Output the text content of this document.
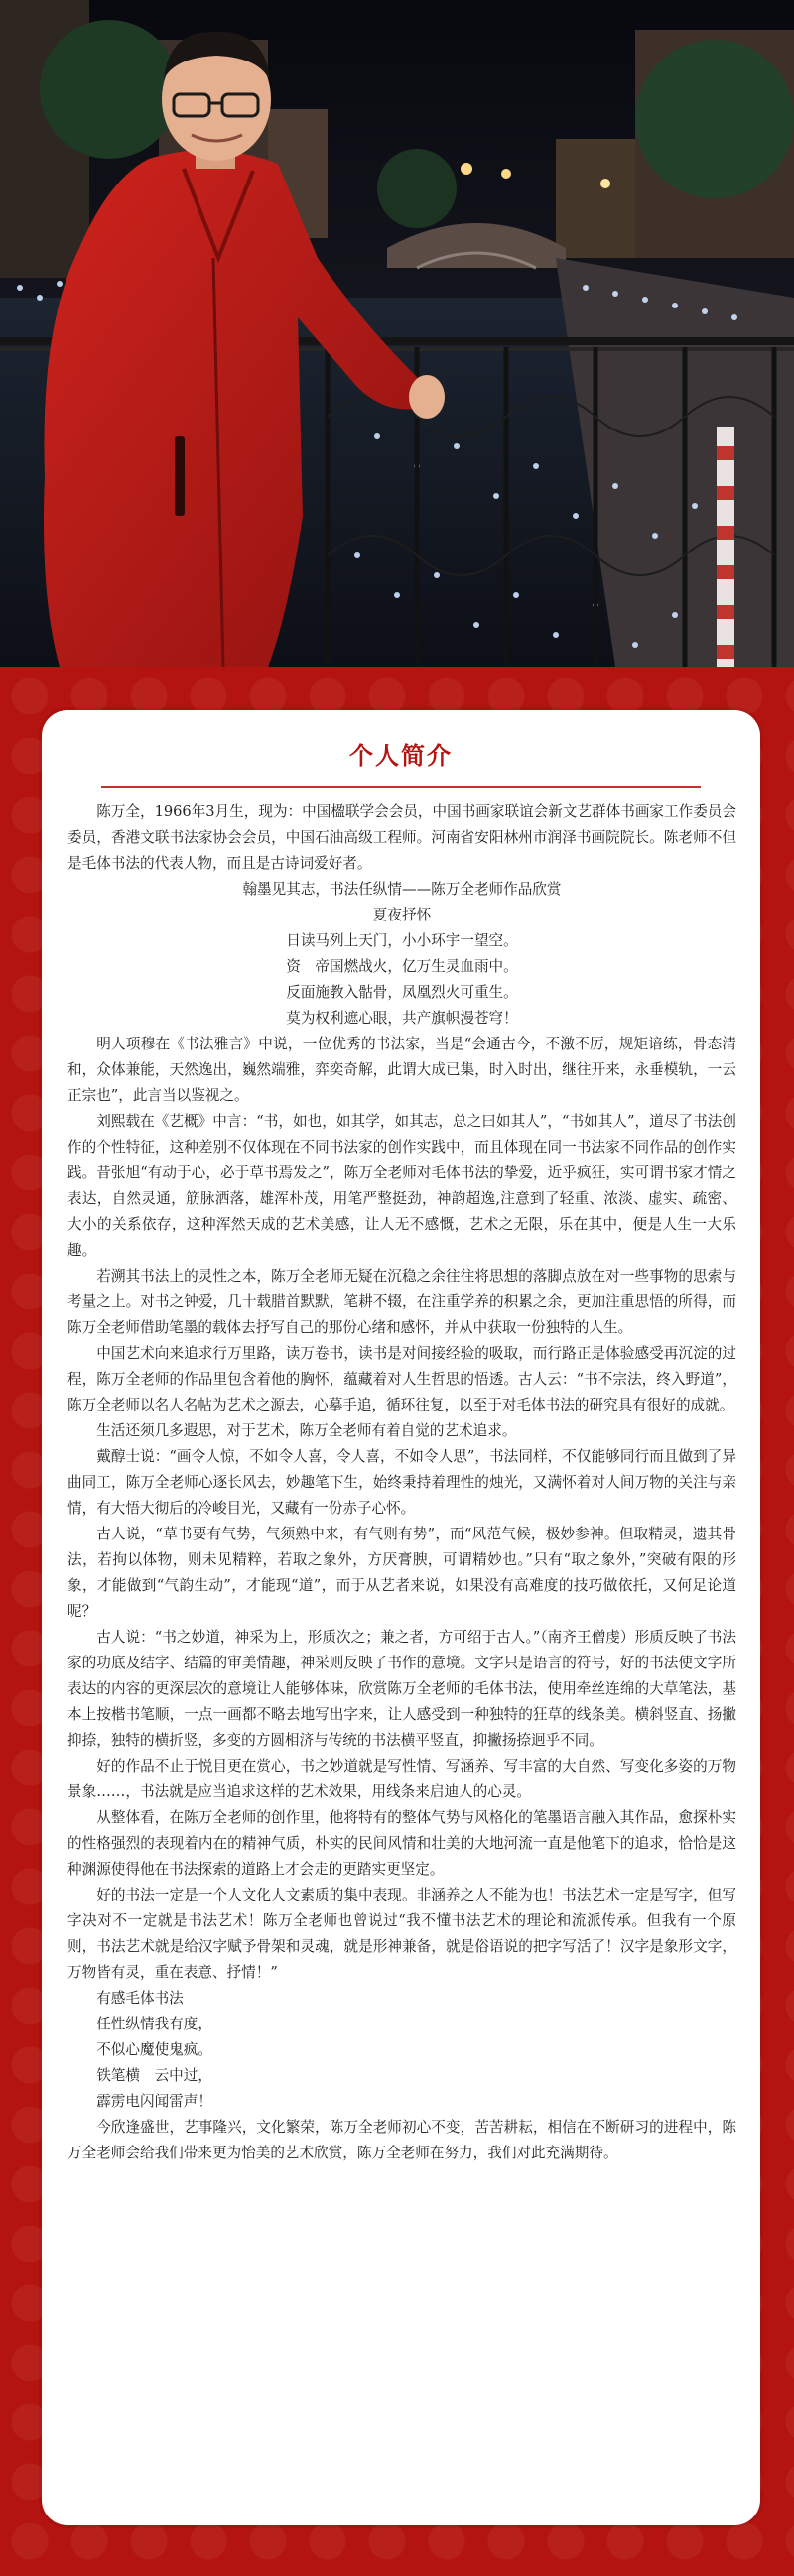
个人简介

陈万全，1966年3月生，现为：中国楹联学会会员，中国书画家联谊会新文艺群体书画家工作委员会委员，香港文联书法家协会会员，中国石油高级工程师。河南省安阳林州市润泽书画院院长。陈老师不但是毛体书法的代表人物，而且是古诗词爱好者。

翰墨见其志，书法任纵情——陈万全老师作品欣赏

夏夜抒怀

日读马列上天门，小小环宇一望空。

资　帝国燃战火，亿万生灵血雨中。

反面施教入骷骨，凤凰烈火可重生。

莫为权利遮心眼，共产旗帜漫苍穹！

明人项穆在《书法雅言》中说，一位优秀的书法家，当是“会通古今，不激不厉，规矩谙练，骨态清和，众体兼能，天然逸出，巍然端雅，弈奕奇解，此谓大成已集，时入时出，继往开来，永垂模轨，一云正宗也”，此言当以鉴视之。

刘熙载在《艺概》中言：“书，如也，如其学，如其志，总之曰如其人”，“书如其人”，道尽了书法创作的个性特征，这种差别不仅体现在不同书法家的创作实践中，而且体现在同一书法家不同作品的创作实践。昔张旭“有动于心，必于草书焉发之”，陈万全老师对毛体书法的挚爱，近乎疯狂，实可谓书家才情之表达，自然灵通，筋脉洒落，雄浑朴茂，用笔严整挺劲，神韵超逸,注意到了轻重、浓淡、虚实、疏密、大小的关系依存，这种浑然天成的艺术美感，让人无不感慨，艺术之无限，乐在其中，便是人生一大乐趣。

若溯其书法上的灵性之本，陈万全老师无疑在沉稳之余往往将思想的落脚点放在对一些事物的思索与考量之上。对书之钟爱，几十载腊首默默，笔耕不辍，在注重学养的积累之余，更加注重思悟的所得，而陈万全老师借助笔墨的载体去抒写自己的那份心绪和感怀，并从中获取一份独特的人生。

中国艺术向来追求行万里路，读万卷书，读书是对间接经验的吸取，而行路正是体验感受再沉淀的过程，陈万全老师的作品里包含着他的胸怀，蕴藏着对人生哲思的悟透。古人云：“书不宗法，终入野道”，陈万全老师以名人名帖为艺术之源去，心摹手追，循环往复，以至于对毛体书法的研究具有很好的成就。

生活还须几多遐思，对于艺术，陈万全老师有着自觉的艺术追求。

戴醇士说：“画令人惊，不如令人喜，令人喜，不如令人思”，书法同样，不仅能够同行而且做到了异曲同工，陈万全老师心逐长风去，妙趣笔下生，始终秉持着理性的烛光，又满怀着对人间万物的关注与亲情，有大悟大彻后的冷峻目光，又藏有一份赤子心怀。

古人说，“草书要有气势，气须熟中来，有气则有势”，而“风范气候，极妙参神。但取精灵，遗其骨法，若拘以体物，则未见精粹，若取之象外，方厌膏腴，可谓精妙也。”只有“取之象外，”突破有限的形象，才能做到“气韵生动”，才能现“道”，而于从艺者来说，如果没有高难度的技巧做依托，又何足论道呢？

古人说：“书之妙道，神采为上，形质次之；兼之者，方可绍于古人。”（南齐王僧虔）形质反映了书法家的功底及结字、结篇的审美情趣，神采则反映了书作的意境。文字只是语言的符号，好的书法使文字所表达的内容的更深层次的意境让人能够体味，欣赏陈万全老师的毛体书法，使用牵丝连绵的大草笔法，基本上按楷书笔顺，一点一画都不略去地写出字来，让人感受到一种独特的狂草的线条美。横斜竖直、扬撇抑捺，独特的横折竖，多变的方圆相济与传统的书法横平竖直，抑撇扬捺迥乎不同。

好的作品不止于悦目更在赏心，书之妙道就是写性情、写涵养、写丰富的大自然、写变化多姿的万物景象……，书法就是应当追求这样的艺术效果，用线条来启迪人的心灵。

从整体看，在陈万全老师的创作里，他将特有的整体气势与风格化的笔墨语言融入其作品，愈探朴实的性格强烈的表现着内在的精神气质，朴实的民间风情和壮美的大地河流一直是他笔下的追求，恰恰是这种渊源使得他在书法探索的道路上才会走的更踏实更坚定。

好的书法一定是一个人文化人文素质的集中表现。非涵养之人不能为也！书法艺术一定是写字，但写字决对不一定就是书法艺术！陈万全老师也曾说过“我不懂书法艺术的理论和流派传承。但我有一个原则，书法艺术就是给汉字赋予骨架和灵魂，就是形神兼备，就是俗语说的把字写活了！汉字是象形文字，万物皆有灵，重在表意、抒情！”

有感毛体书法

任性纵情我有度，

不似心魔使鬼疯。

铁笔横　云中过，

霹雳电闪闻雷声！

今欣逢盛世，艺事隆兴，文化繁荣，陈万全老师初心不变，苦苦耕耘，相信在不断研习的进程中，陈万全老师会给我们带来更为怡美的艺术欣赏，陈万全老师在努力，我们对此充满期待。
